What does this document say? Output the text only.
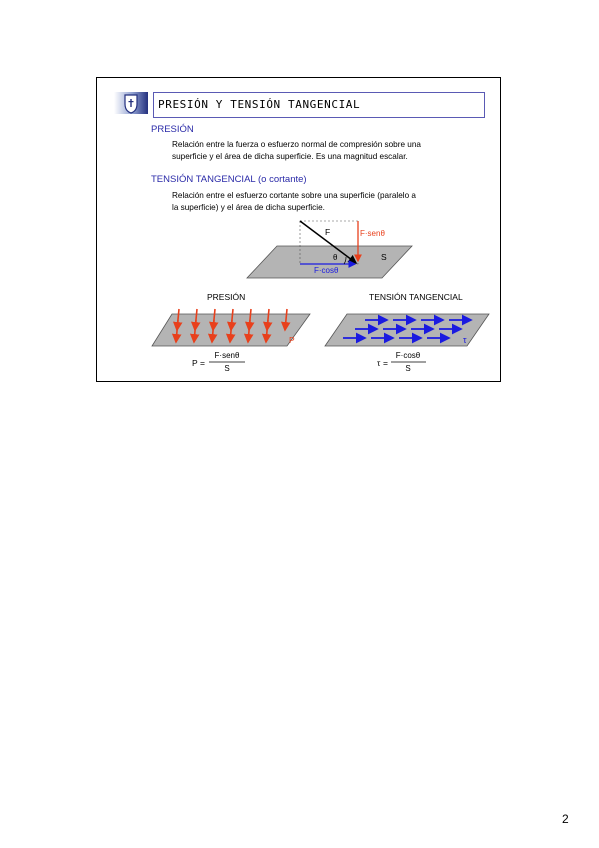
PRESIÓN Y TENSIÓN TANGENCIAL
PRESIÓN
Relación entre la fuerza o esfuerzo normal de compresión sobre una
superficie y el área de dicha superficie. Es una magnitud escalar.
TENSIÓN TANGENCIAL (o cortante)
Relación entre el esfuerzo cortante sobre una superficie (paralelo a
la superficie) y el área de dicha superficie.
F	F·senθ
θ
F·cosθ
S
PRESIÓN
P
P =
F·senθ
S
TENSIÓN TANGENCIAL
τ
τ =
F·cosθ
S
2
